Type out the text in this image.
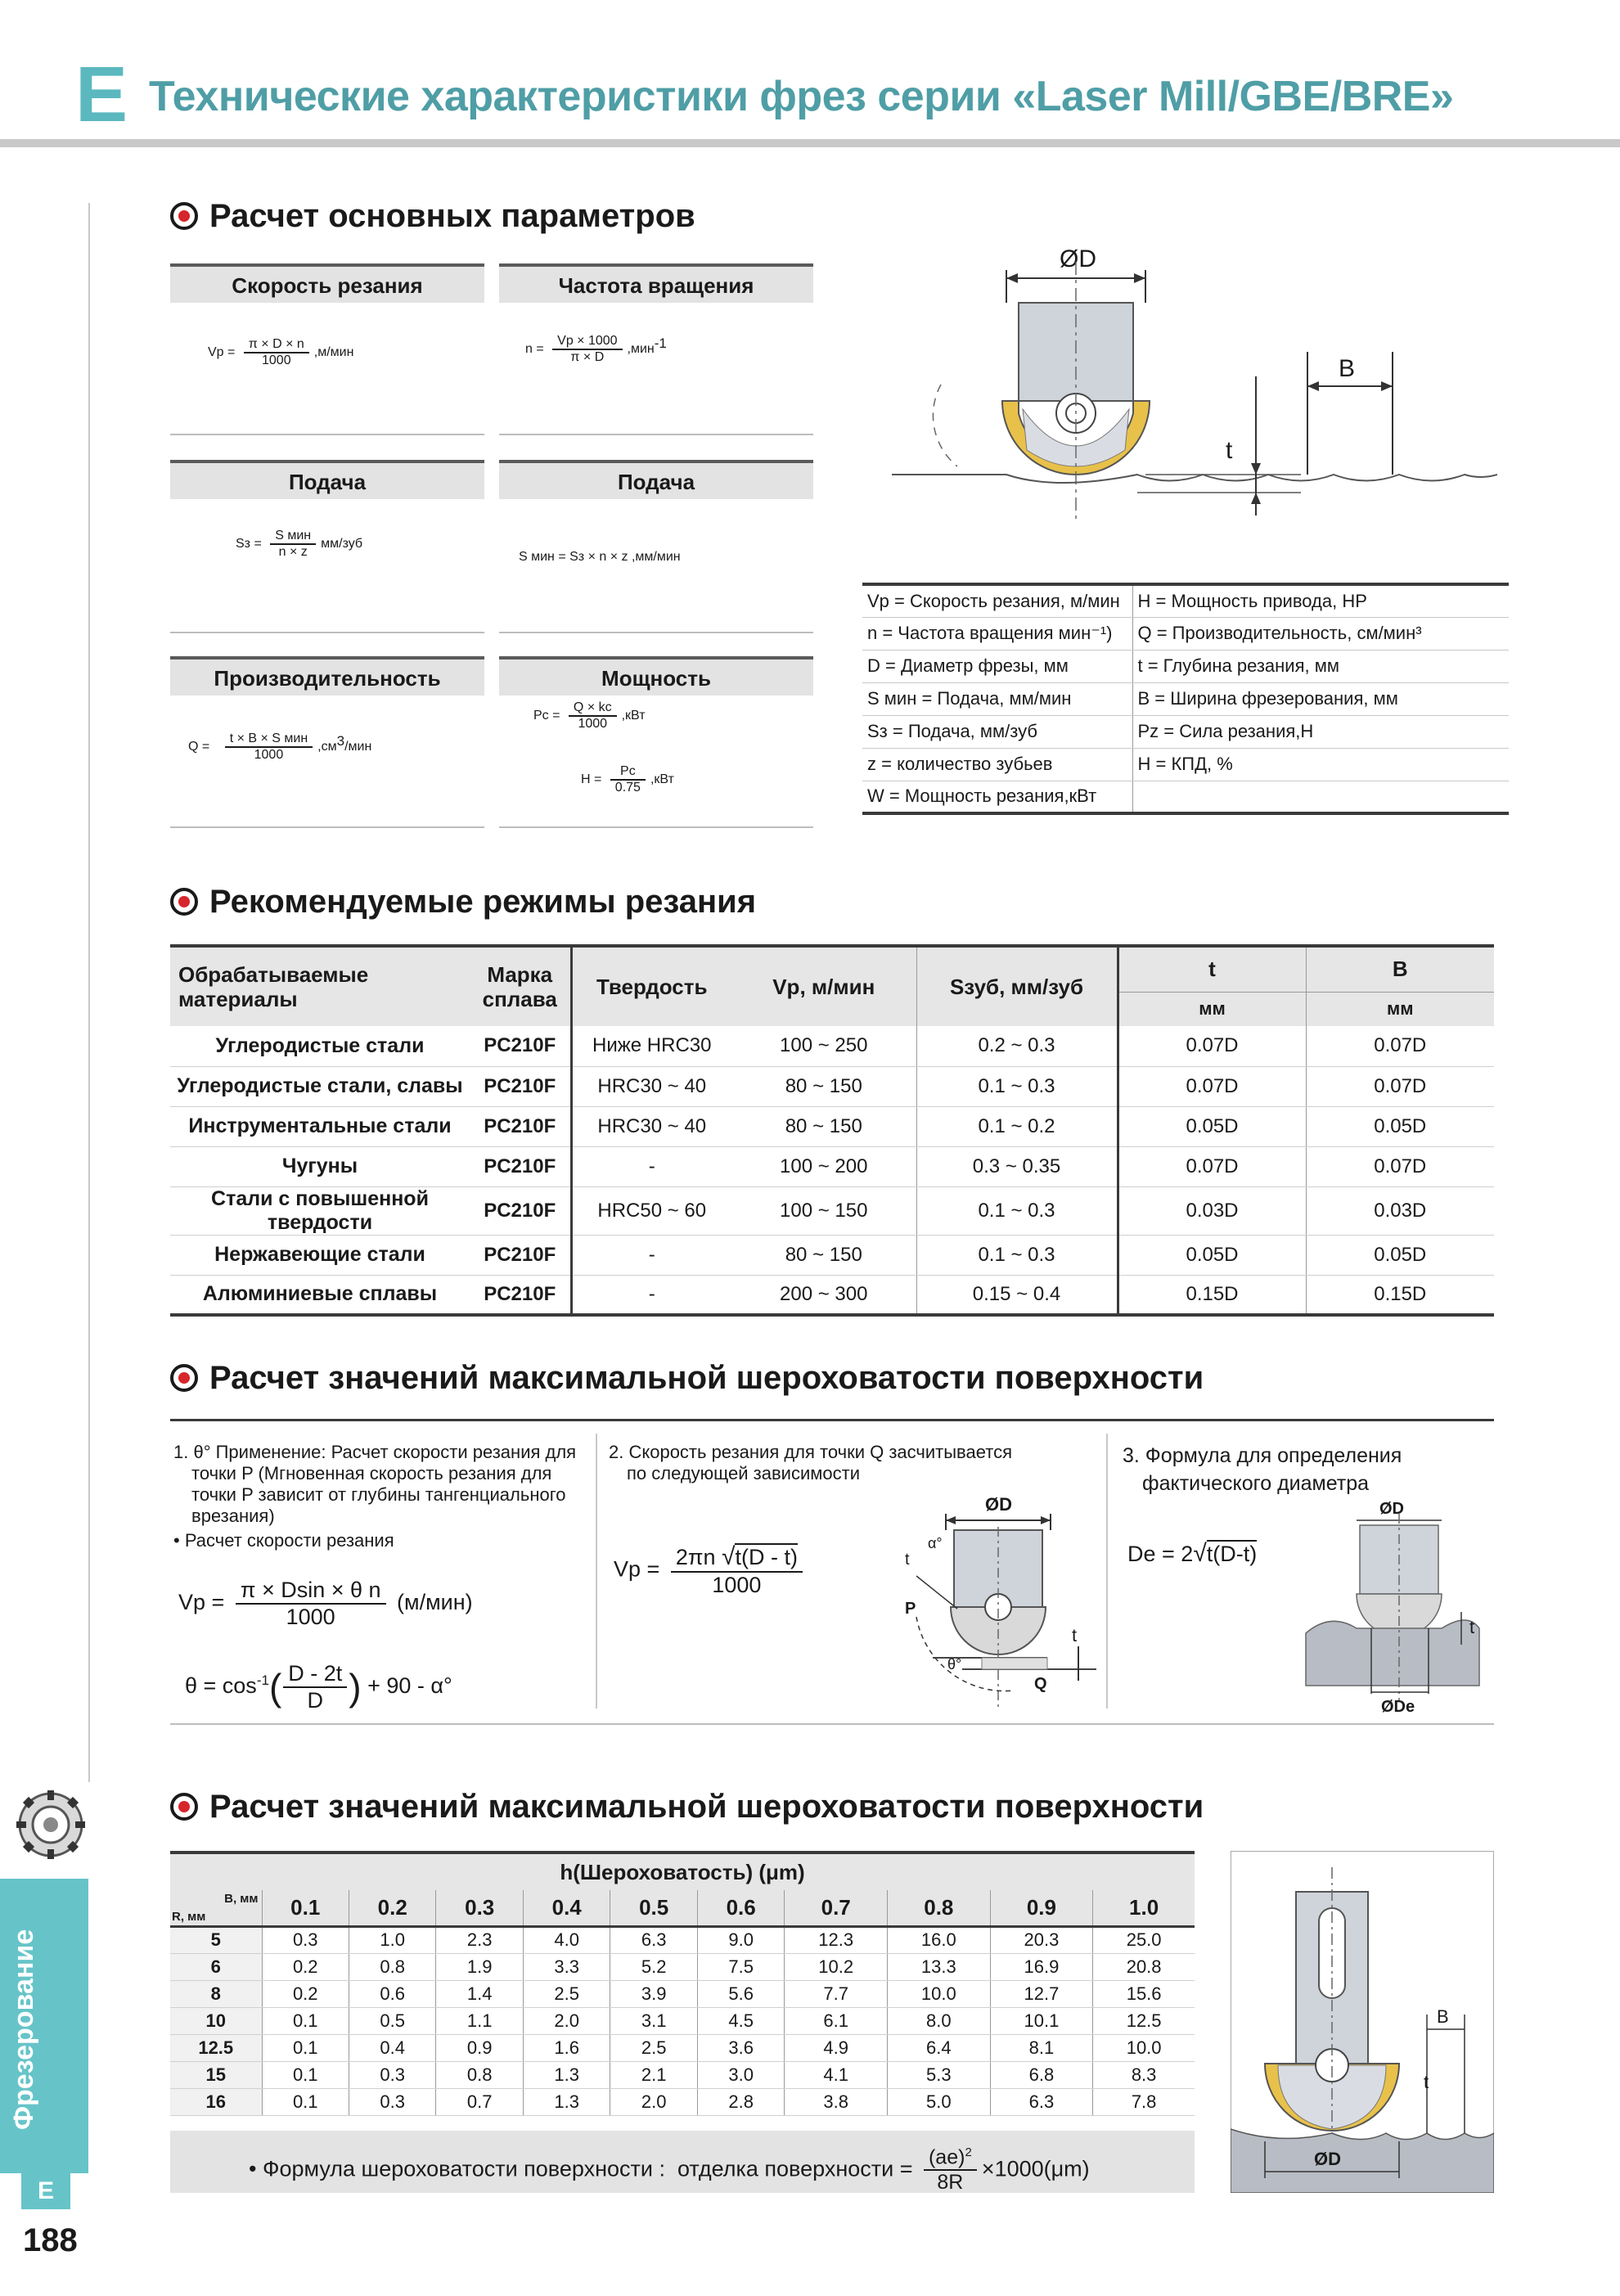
E Технические характеристики фрез серии «Laser Mill/GBE/BRE»
Фрезерование
E
188
Расчет основных параметров
Скорость резания
$Vp = \frac{\pi \times D \times n}{1000} ,м/мин$
Частота вращения
$n = \frac{Vp \times 1000}{\pi \times D} ,мин^{-1}$
Подача
Sз = $\frac{\text{S мин}}{n \times z} мм/зуб$
Подача
S мин = Sз × n × z ,мм/мин
Производительность
$Q = \frac{\text{t × B × S мин}}{1000} ,см^3/мин$
Мощность
$Pc = \frac{Q \times kc}{1000} ,кВт$
$H = \frac{Pc}{0.75} ,кВт$
ØD
t
B
Vp = Скорость резания, м/мин	H = Мощность привода, HP
n = Частота вращения мин⁻¹)	Q = Производительность, см/мин³
D = Диаметр фрезы, мм	t = Глубина резания, мм
S мин = Подача, мм/мин	B = Ширина фрезерования, мм
Sз = Подача, мм/зуб	Pz = Сила резания,H
z = количество зубьев	H = КПД, %
W = Мощность резания,кВт	
Рекомендуемые режимы резания
Обрабатываемые материалы	Марка сплава	Твердость	Vp, м/мин	Sзуб, мм/зуб	t	B
					мм	мм
Углеродистые стали	PC210F	Ниже HRC30	100 ~ 250	0.2 ~ 0.3	0.07D	0.07D
Углеродистые стали, славы	PC210F	HRC30 ~ 40	80 ~ 150	0.1 ~ 0.3	0.07D	0.07D
Инструментальные стали	PC210F	HRC30 ~ 40	80 ~ 150	0.1 ~ 0.2	0.05D	0.05D
Чугуны	PC210F	-	100 ~ 200	0.3 ~ 0.35	0.07D	0.07D
Стали с повышенной твердости	PC210F	HRC50 ~ 60	100 ~ 150	0.1 ~ 0.3	0.03D	0.03D
Нержавеющие стали	PC210F	-	80 ~ 150	0.1 ~ 0.3	0.05D	0.05D
Алюминиевые сплавы	PC210F	-	200 ~ 300	0.15 ~ 0.4	0.15D	0.15D
Расчет значений максимальной шероховатости поверхности
1. θ° Применение: Расчет скорости резания для
точки P (Мгновенная скорость резания для
точки P зависит от глубины тангенциального
врезания)
• Расчет скорости резания
$Vp = \frac{\text{π × Dsin × θ n}}{1000} (м/мин)$
$\theta = \cos^{-1}( \frac{D - 2t}{D}$ ) + 90 - α°
2. Скорость резания для точки Q засчитывается
по следующей зависимости
$Vp = \frac{2\pi n √t(D - t)}{1000}$
ØD
t
t
α°
P
Q
θ°
3. Формула для определения
фактического диаметра
De = 2√t(D-t)
ØD
ØDe
t
Расчет значений максимальной шероховатости поверхности
h(Шероховатость) (μm)										

B, мм
R, мм	0.1	0.2	0.3	0.4	0.5	0.6	0.7	0.8	0.9	1.0
5	0.3	1.0	2.3	4.0	6.3	9.0	12.3	16.0	20.3	25.0
6	0.2	0.8	1.9	3.3	5.2	7.5	10.2	13.3	16.9	20.8
8	0.2	0.6	1.4	2.5	3.9	5.6	7.7	10.0	12.7	15.6
10	0.1	0.5	1.1	2.0	3.1	4.5	6.1	8.0	10.1	12.5
12.5	0.1	0.4	0.9	1.6	2.5	3.6	4.9	6.4	8.1	10.0
15	0.1	0.3	0.8	1.3	2.1	3.0	4.1	5.3	6.8	8.3
16	0.1	0.3	0.7	1.3	2.0	2.8	3.8	5.0	6.3	7.8
• Формула шероховатости поверхности : отделка поверхности = $\frac{(ae)^2}{8R} \times 1000(\mu m)$
B
t
ØD
